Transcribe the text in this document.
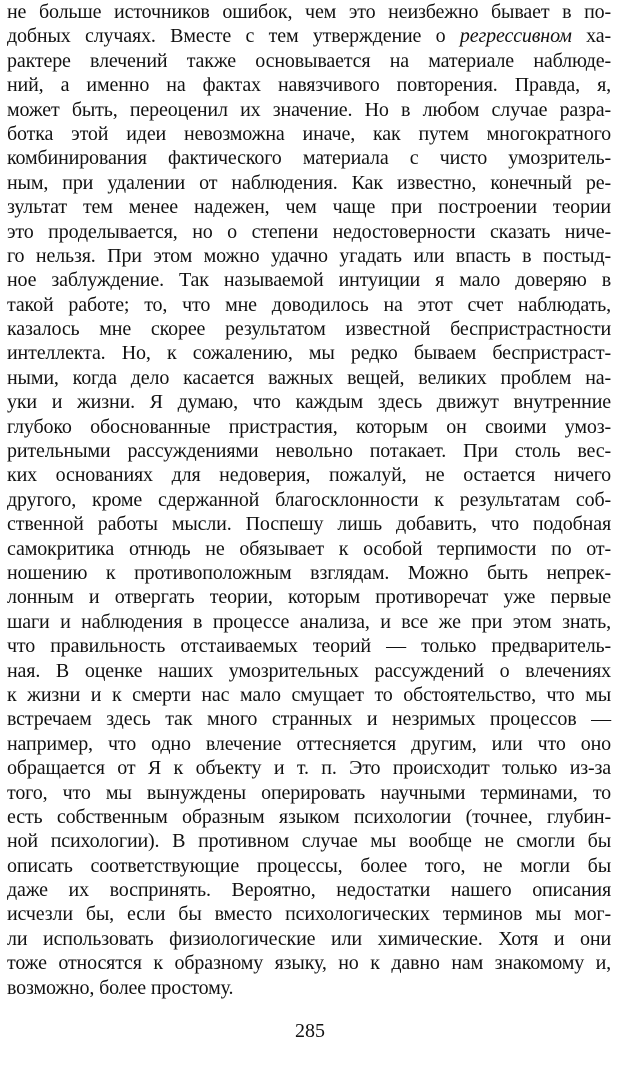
не больше источников ошибок, чем это неизбежно бывает в по-
добных случаях. Вместе с тем утверждение о регрессивном ха-
рактере влечений также основывается на материале наблюде-
ний, а именно на фактах навязчивого повторения. Правда, я,
может быть, переоценил их значение. Но в любом случае разра-
ботка этой идеи невозможна иначе, как путем многократного
комбинирования фактического материала с чисто умозритель-
ным, при удалении от наблюдения. Как известно, конечный ре-
зультат тем менее надежен, чем чаще при построении теории
это проделывается, но о степени недостоверности сказать ниче-
го нельзя. При этом можно удачно угадать или впасть в постыд-
ное заблуждение. Так называемой интуиции я мало доверяю в
такой работе; то, что мне доводилось на этот счет наблюдать,
казалось мне скорее результатом известной беспристрастности
интеллекта. Но, к сожалению, мы редко бываем беспристраст-
ными, когда дело касается важных вещей, великих проблем на-
уки и жизни. Я думаю, что каждым здесь движут внутренние
глубоко обоснованные пристрастия, которым он своими умоз-
рительными рассуждениями невольно потакает. При столь вес-
ких основаниях для недоверия, пожалуй, не остается ничего
другого, кроме сдержанной благосклонности к результатам соб-
ственной работы мысли. Поспешу лишь добавить, что подобная
самокритика отнюдь не обязывает к особой терпимости по от-
ношению к противоположным взглядам. Можно быть непрек-
лонным и отвергать теории, которым противоречат уже первые
шаги и наблюдения в процессе анализа, и все же при этом знать,
что правильность отстаиваемых теорий — только предваритель-
ная. В оценке наших умозрительных рассуждений о влечениях
к жизни и к смерти нас мало смущает то обстоятельство, что мы
встречаем здесь так много странных и незримых процессов —
например, что одно влечение оттесняется другим, или что оно
обращается от Я к объекту и т. п. Это происходит только из-за
того, что мы вынуждены оперировать научными терминами, то
есть собственным образным языком психологии (точнее, глубин-
ной психологии). В противном случае мы вообще не смогли бы
описать соответствующие процессы, более того, не могли бы
даже их воспринять. Вероятно, недостатки нашего описания
исчезли бы, если бы вместо психологических терминов мы мог-
ли использовать физиологические или химические. Хотя и они
тоже относятся к образному языку, но к давно нам знакомому и,
возможно, более простому.
285
